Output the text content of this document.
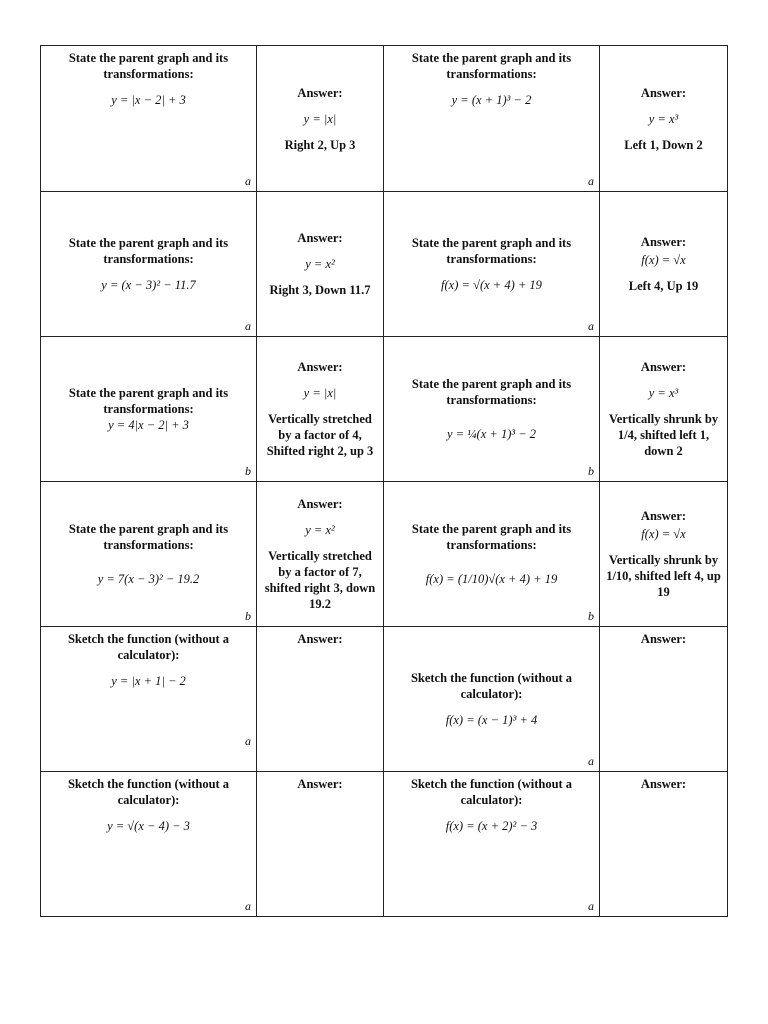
State the parent graph and its transformations:
y = |x − 2| + 3
a	Answer:
y = |x|
Right 2, Up 3	State the parent graph and its transformations:
y = (x + 1)³ − 2
a	Answer:
y = x³
Left 1, Down 2

State the parent graph and its transformations:
y = (x − 3)² − 11.7
a	Answer:
y = x²
Right 3, Down 11.7	State the parent graph and its transformations:
f(x) = √(x + 4) + 19
a	Answer:
f(x) = √x
Left 4, Up 19

State the parent graph and its transformations:
y = 4|x − 2| + 3
b	Answer:
y = |x|
Vertically stretched by a factor of 4, Shifted right 2, up 3	State the parent graph and its transformations:
y = ¼(x + 1)³ − 2
b	Answer:
y = x³
Vertically shrunk by 1/4, shifted left 1, down 2

State the parent graph and its transformations:
y = 7(x − 3)² − 19.2
b	Answer:
y = x²
Vertically stretched by a factor of 7, shifted right 3, down 19.2	State the parent graph and its transformations:
f(x) = (1/10)√(x + 4) + 19
b	Answer:
f(x) = √x
Vertically shrunk by 1/10, shifted left 4, up 19

Sketch the function (without a calculator):
y = |x + 1| − 2
a	Answer:	Sketch the function (without a calculator):
f(x) = (x − 1)³ + 4
a	Answer:

Sketch the function (without a calculator):
y = √(x − 4) − 3
a	Answer:	Sketch the function (without a calculator):
f(x) = (x + 2)² − 3
a	Answer:
